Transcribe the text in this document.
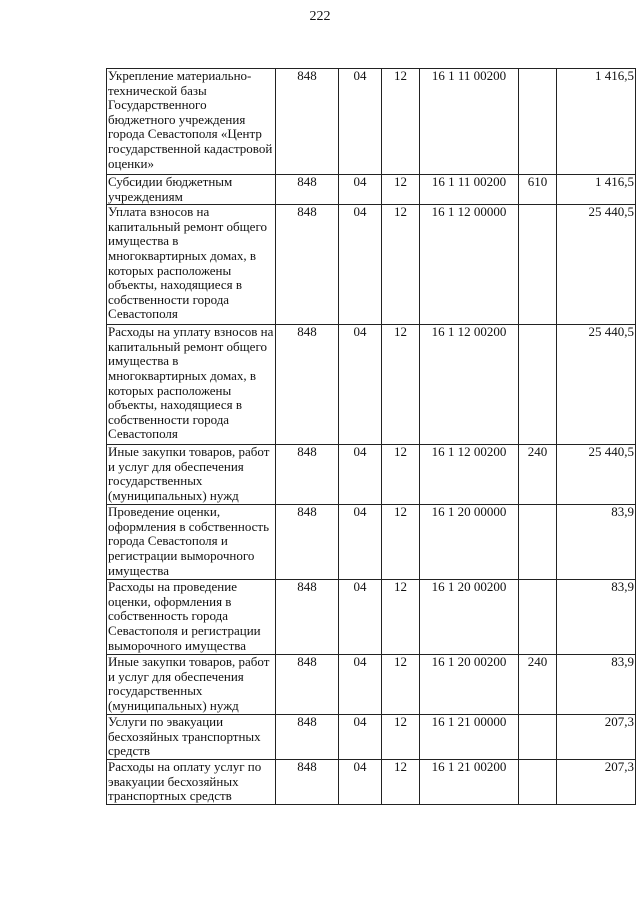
222
Укрепление материально-технической базы Государственного бюджетного учреждения города Севастополя «Центр государственной кадастровой оценки»	848	04	12	16 1 11 00200		1 416,5
Субсидии бюджетным учреждениям	848	04	12	16 1 11 00200	610	1 416,5
Уплата взносов на капитальный ремонт общего имущества в многоквартирных домах, в которых расположены объекты, находящиеся в собственности города Севастополя	848	04	12	16 1 12 00000		25 440,5
Расходы на уплату взносов на капитальный ремонт общего имущества в многоквартирных домах, в которых расположены объекты, находящиеся в собственности города Севастополя	848	04	12	16 1 12 00200		25 440,5
Иные закупки товаров, работ и услуг для обеспечения государственных (муниципальных) нужд	848	04	12	16 1 12 00200	240	25 440,5
Проведение оценки, оформления в собственность города Севастополя и регистрации выморочного имущества	848	04	12	16 1 20 00000		83,9
Расходы на проведение оценки, оформления в собственность города Севастополя и регистрации выморочного имущества	848	04	12	16 1 20 00200		83,9
Иные закупки товаров, работ и услуг для обеспечения государственных (муниципальных) нужд	848	04	12	16 1 20 00200	240	83,9
Услуги по эвакуации бесхозяйных транспортных средств	848	04	12	16 1 21 00000		207,3
Расходы на оплату услуг по эвакуации бесхозяйных транспортных средств	848	04	12	16 1 21 00200		207,3
